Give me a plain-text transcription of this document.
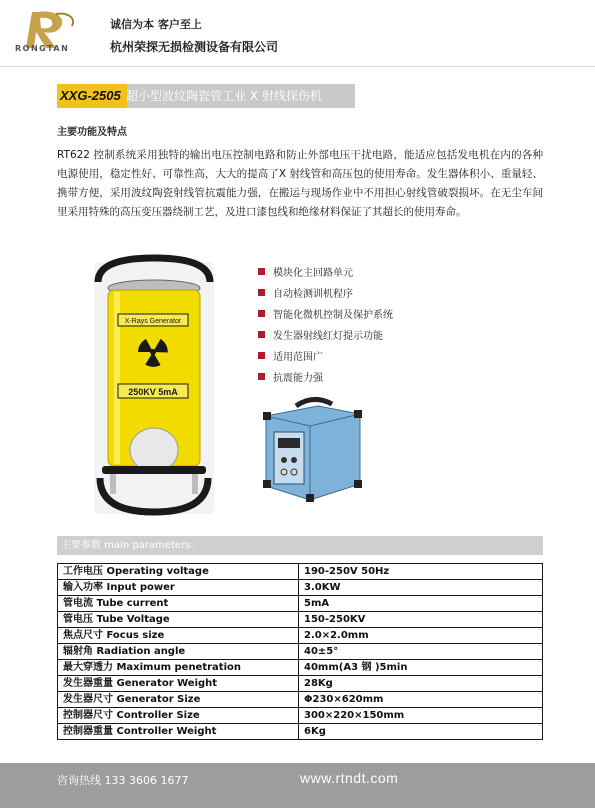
RONGTAN
诚信为本 客户至上
杭州荣探无损检测设备有限公司
XXG-2505 超小型波纹陶瓷管工业 X 射线探伤机
主要功能及特点
RT622 控制系统采用独特的输出电压控制电路和防止外部电压干扰电路，能适应包括发电机在内的各种电源使用，稳定性好、可靠性高，大大的提高了X 射线管和高压包的使用寿命。发生器体积小、重量轻、携带方便，采用波纹陶瓷射线管抗震能力强，在搬运与现场作业中不用担心射线管破裂损坏。在无尘车间里采用特殊的高压变压器绕制工艺，及进口漆包线和绝缘材料保证了其超长的使用寿命。
X-Rays Generator
250KV 5mA
模块化主回路单元
自动检测训机程序
智能化微机控制及保护系统
发生器射线红灯提示功能
适用范围广
抗震能力强
主要参数 main parameters:
工作电压 Operating voltage	190-250V 50Hz
输入功率 Input power	3.0KW
管电流 Tube current	5mA
管电压 Tube Voltage	150-250KV
焦点尺寸 Focus size	2.0×2.0mm
辐射角 Radiation angle	40±5°
最大穿透力 Maximum penetration	40mm(A3 钢 )5min
发生器重量 Generator Weight	28Kg
发生器尺寸 Generator Size	Φ230×620mm
控制器尺寸 Controller Size	300×220×150mm
控制器重量 Controller Weight	6Kg
咨询热线 133 3606 1677	www.rtndt.com
